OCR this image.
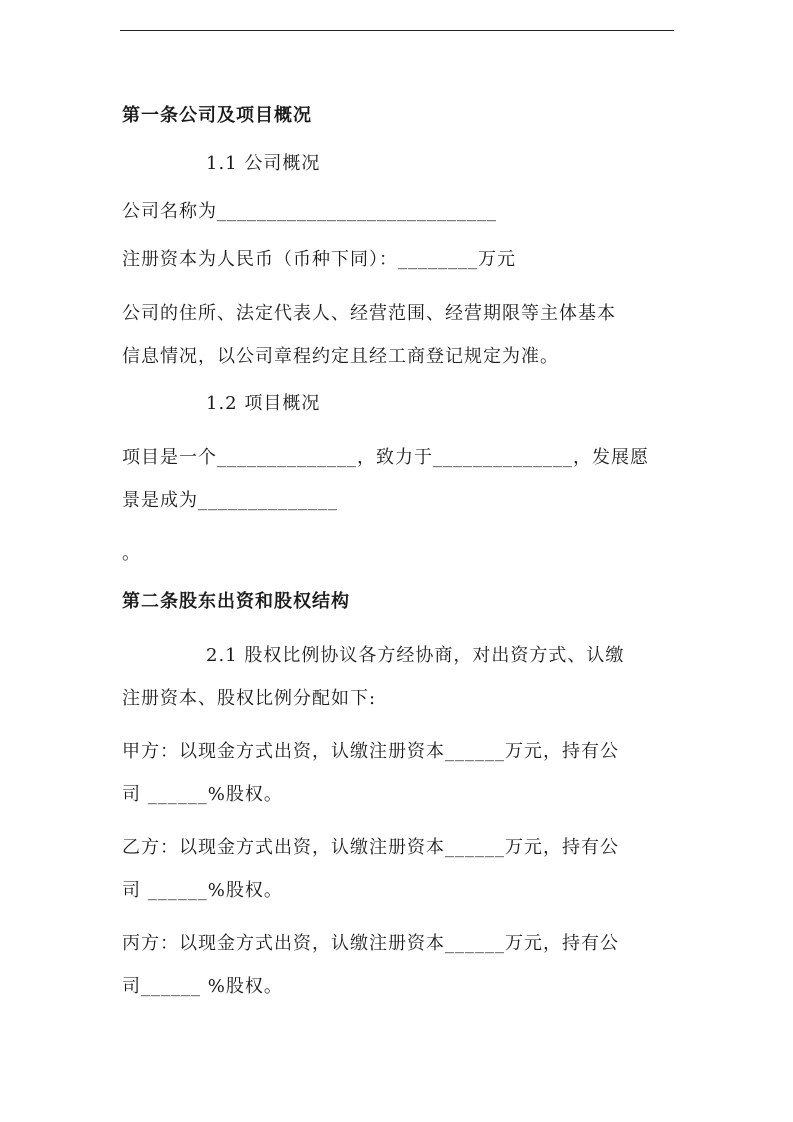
第一条公司及项目概况
1.1 公司概况
公司名称为____________________________
注册资本为人民币（币种下同）：________万元
公司的住所、法定代表人、经营范围、经营期限等主体基本
信息情况，以公司章程约定且经工商登记规定为准。
1.2 项目概况
项目是一个______________，致力于______________，发展愿
景是成为______________
。
第二条股东出资和股权结构
2.1 股权比例协议各方经协商，对出资方式、认缴
注册资本、股权比例分配如下:
甲方：以现金方式出资，认缴注册资本______万元，持有公
司 ______%股权。
乙方：以现金方式出资，认缴注册资本______万元，持有公
司 ______%股权。
丙方：以现金方式出资，认缴注册资本______万元，持有公
司______ %股权。
